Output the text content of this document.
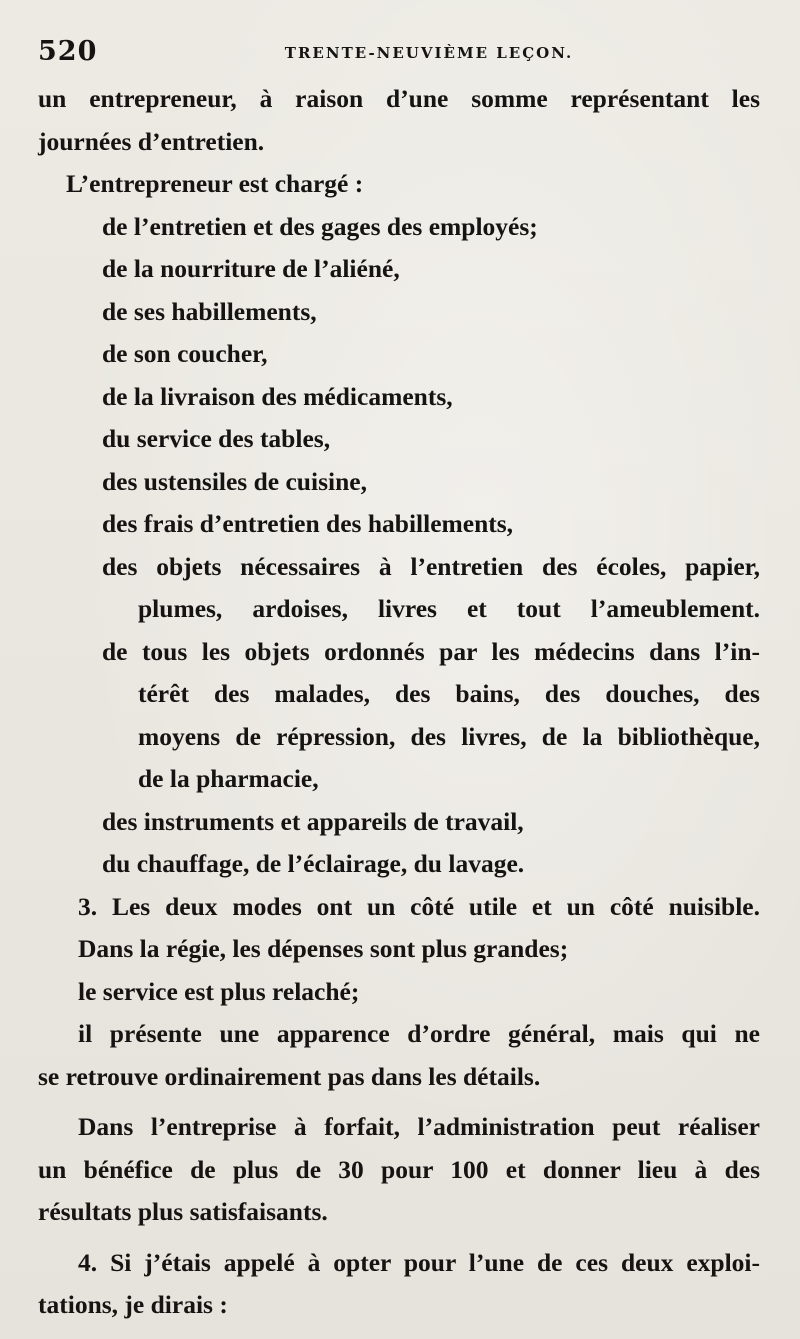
520	TRENTE-NEUVIÈME LEÇON.
un entrepreneur, à raison d’une somme représentant les
journées d’entretien.
L’entrepreneur est chargé :
de l’entretien et des gages des employés;
de la nourriture de l’aliéné,
de ses habillements,
de son coucher,
de la livraison des médicaments,
du service des tables,
des ustensiles de cuisine,
des frais d’entretien des habillements,
des objets nécessaires à l’entretien des écoles, papier,
plumes, ardoises, livres et tout l’ameublement.
de tous les objets ordonnés par les médecins dans l’in-
térêt des malades, des bains, des douches, des
moyens de répression, des livres, de la bibliothèque,
de la pharmacie,
des instruments et appareils de travail,
du chauffage, de l’éclairage, du lavage.
3. Les deux modes ont un côté utile et un côté nuisible.
Dans la régie, les dépenses sont plus grandes;
le service est plus relaché;
il présente une apparence d’ordre général, mais qui ne
se retrouve ordinairement pas dans les détails.
Dans l’entreprise à forfait, l’administration peut réaliser
un bénéfice de plus de 30 pour 100 et donner lieu à des
résultats plus satisfaisants.
4. Si j’étais appelé à opter pour l’une de ces deux exploi-
tations, je dirais :
